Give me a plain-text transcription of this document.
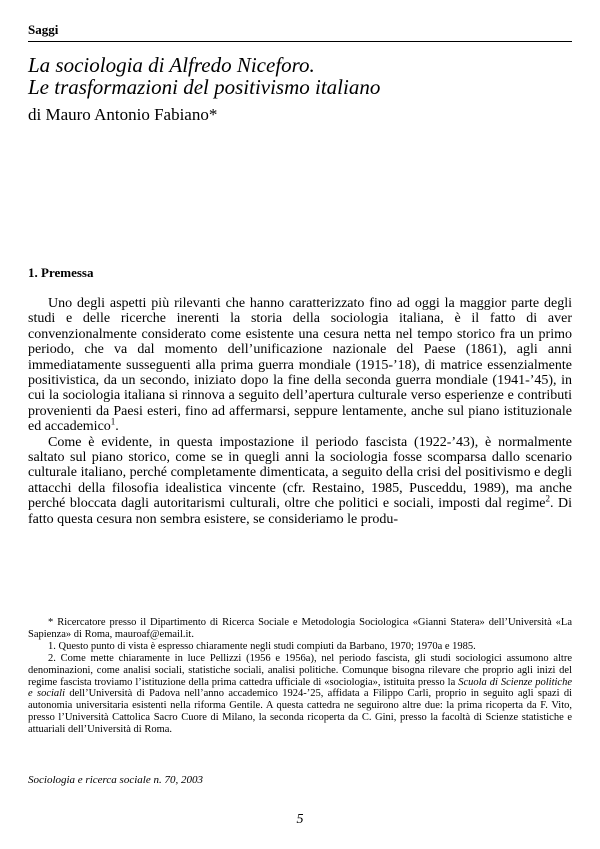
Saggi
La sociologia di Alfredo Niceforo.
Le trasformazioni del positivismo italiano
di Mauro Antonio Fabiano*
1. Premessa

Uno degli aspetti più rilevanti che hanno caratterizzato fino ad oggi la maggior parte degli studi e delle ricerche inerenti la storia della sociologia italiana, è il fatto di aver convenzionalmente considerato come esistente una cesura netta nel tempo storico fra un primo periodo, che va dal momento dell’unificazione nazionale del Paese (1861), agli anni immediatamente susseguenti alla prima guerra mondiale (1915-’18), di matrice essenzialmente positivistica, da un secondo, iniziato dopo la fine della seconda guerra mondiale (1941-’45), in cui la sociologia italiana si rinnova a seguito dell’apertura culturale verso esperienze e contributi provenienti da Paesi esteri, fino ad affermarsi, seppure lentamente, anche sul piano istituzionale ed accademico$^1$.

Come è evidente, in questa impostazione il periodo fascista (1922-’43), è normalmente saltato sul piano storico, come se in quegli anni la sociologia fosse scomparsa dallo scenario culturale italiano, perché completamente dimenticata, a seguito della crisi del positivismo e degli attacchi della filosofia idealistica vincente (cfr. Restaino, 1985, Pusceddu, 1989), ma anche perché bloccata dagli autoritarismi culturali, oltre che politici e sociali, imposti dal regime$^2$. Di fatto questa cesura non sembra esistere, se consideriamo le produ-

* Ricercatore presso il Dipartimento di Ricerca Sociale e Metodologia Sociologica «Gianni Statera» dell’Università «La Sapienza» di Roma, mauroaf@email.it.

1. Questo punto di vista è espresso chiaramente negli studi compiuti da Barbano, 1970; 1970a e 1985.

2. Come mette chiaramente in luce Pellizzi (1956 e 1956a), nel periodo fascista, gli studi sociologici assumono altre denominazioni, come analisi sociali, statistiche sociali, analisi politiche. Comunque bisogna rilevare che proprio agli inizi del regime fascista troviamo l’istituzione della prima cattedra ufficiale di «sociologia», istituita presso la Scuola di Scienze politiche e sociali dell’Università di Padova nell’anno accademico 1924-’25, affidata a Filippo Carli, proprio in seguito agli spazi di autonomia universitaria esistenti nella riforma Gentile. A questa cattedra ne seguirono altre due: la prima ricoperta da F. Vito, presso l’Università Cattolica Sacro Cuore di Milano, la seconda ricoperta da C. Gini, presso la facoltà di Scienze statistiche e attuariali dell’Università di Roma.

Sociologia e ricerca sociale n. 70, 2003
5
